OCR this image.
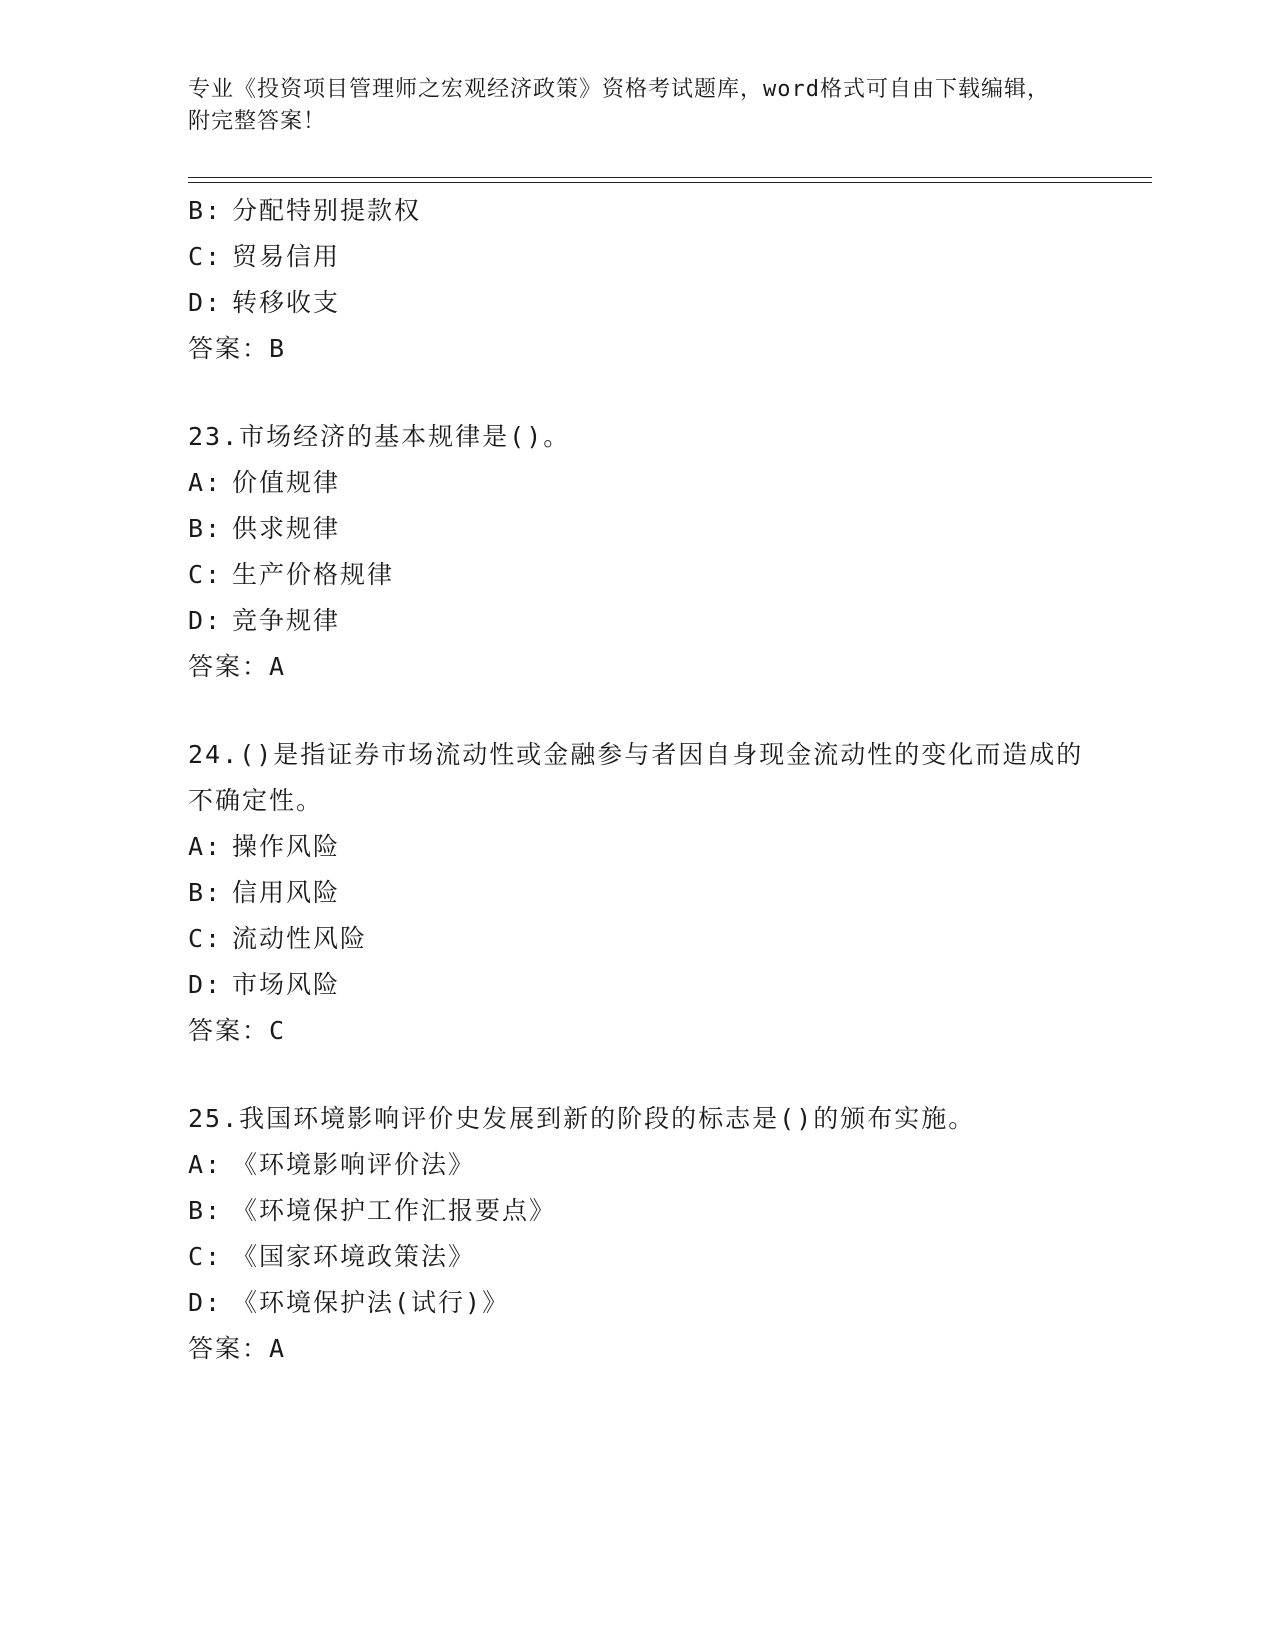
专业《投资项目管理师之宏观经济政策》资格考试题库，word格式可自由下载编辑，附完整答案！
B: 分配特别提款权
C: 贸易信用
D: 转移收支
答案：B
23.市场经济的基本规律是()。
A: 价值规律
B: 供求规律
C: 生产价格规律
D: 竞争规律
答案：A
24.()是指证券市场流动性或金融参与者因自身现金流动性的变化而造成的不确定性。
A: 操作风险
B: 信用风险
C: 流动性风险
D: 市场风险
答案：C
25.我国环境影响评价史发展到新的阶段的标志是()的颁布实施。
A: 《环境影响评价法》
B: 《环境保护工作汇报要点》
C: 《国家环境政策法》
D: 《环境保护法(试行)》
答案：A
